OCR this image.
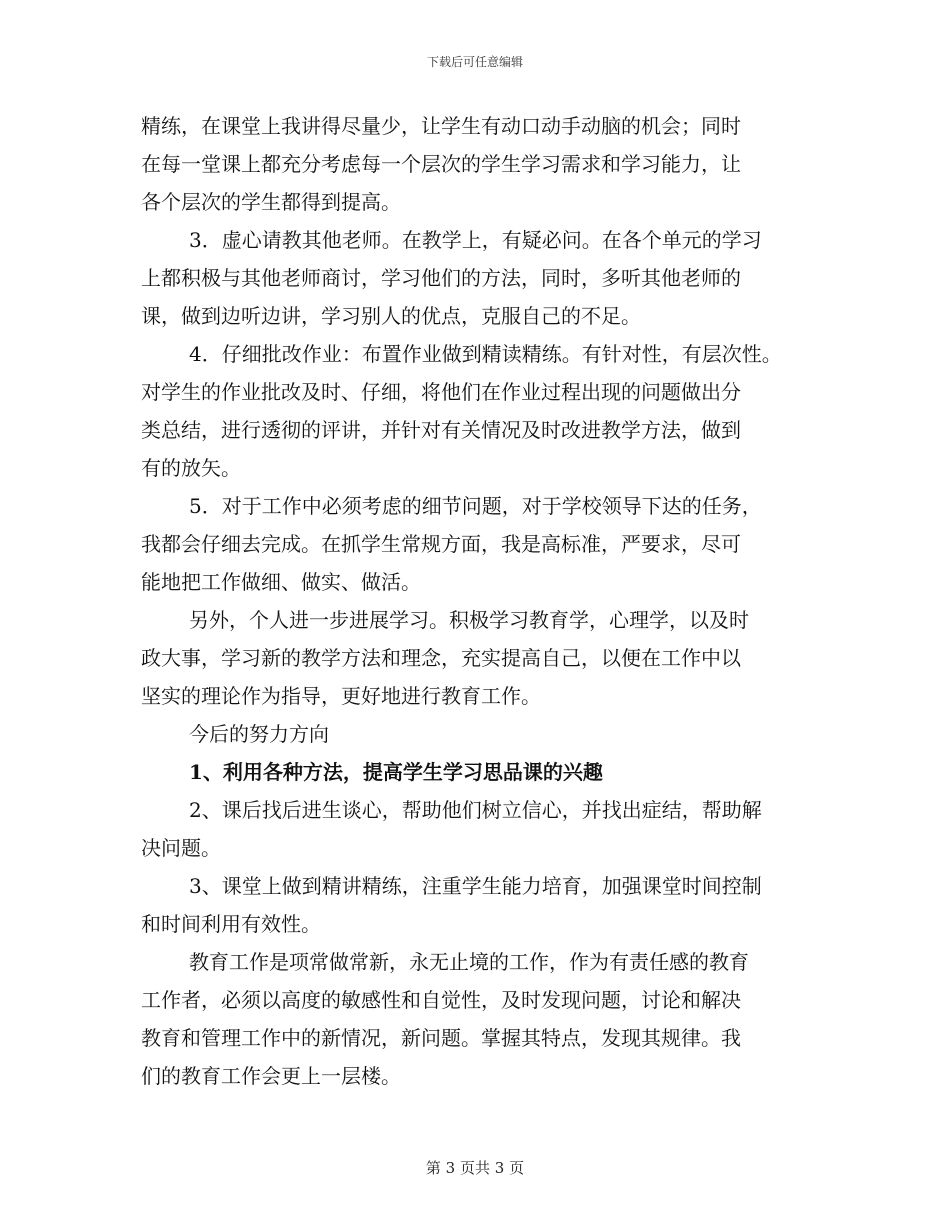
下载后可任意编辑
精练，在课堂上我讲得尽量少，让学生有动口动手动脑的机会；同时
在每一堂课上都充分考虑每一个层次的学生学习需求和学习能力，让
各个层次的学生都得到提高。
3．虚心请教其他老师。在教学上，有疑必问。在各个单元的学习
上都积极与其他老师商讨，学习他们的方法，同时，多听其他老师的
课，做到边听边讲，学习别人的优点，克服自己的不足。
4．仔细批改作业：布置作业做到精读精练。有针对性，有层次性。
对学生的作业批改及时、仔细，将他们在作业过程出现的问题做出分
类总结，进行透彻的评讲，并针对有关情况及时改进教学方法，做到
有的放矢。
5．对于工作中必须考虑的细节问题，对于学校领导下达的任务，
我都会仔细去完成。在抓学生常规方面，我是高标准，严要求，尽可
能地把工作做细、做实、做活。
另外，个人进一步进展学习。积极学习教育学，心理学，以及时
政大事，学习新的教学方法和理念，充实提高自己，以便在工作中以
坚实的理论作为指导，更好地进行教育工作。
今后的努力方向
1、利用各种方法，提高学生学习思品课的兴趣
2、课后找后进生谈心，帮助他们树立信心，并找出症结，帮助解
决问题。
3、课堂上做到精讲精练，注重学生能力培育，加强课堂时间控制
和时间利用有效性。
教育工作是项常做常新，永无止境的工作，作为有责任感的教育
工作者，必须以高度的敏感性和自觉性，及时发现问题，讨论和解决
教育和管理工作中的新情况，新问题。掌握其特点，发现其规律。我
们的教育工作会更上一层楼。
第 3 页共 3 页
